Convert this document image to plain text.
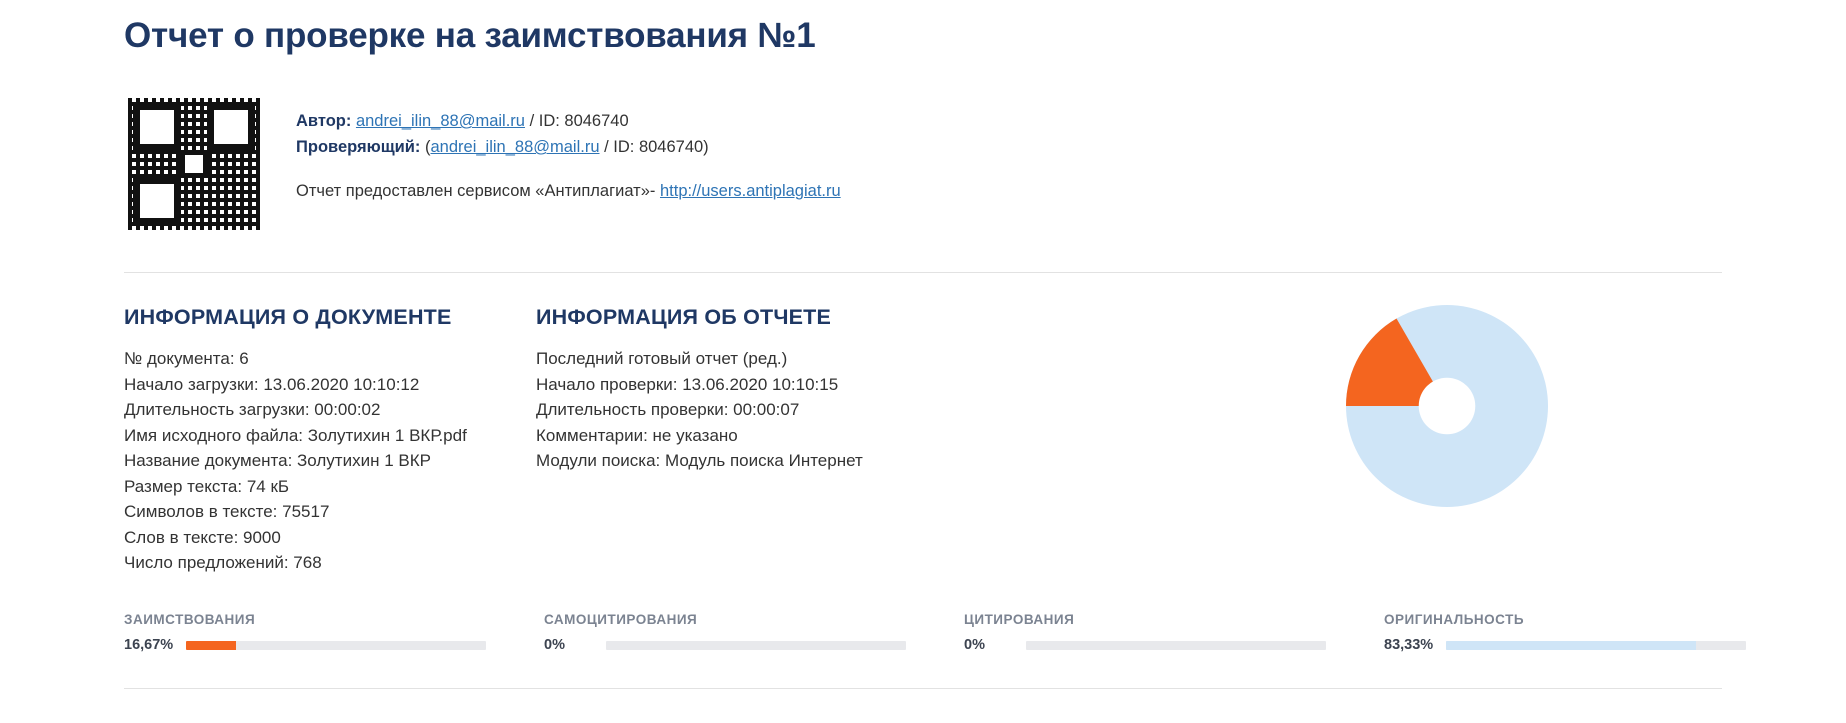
Отчет о проверке на заимствования №1
Автор: andrei_ilin_88@mail.ru / ID: 8046740
Проверяющий: (andrei_ilin_88@mail.ru / ID: 8046740)
Отчет предоставлен сервисом «Антиплагиат»- http://users.antiplagiat.ru
ИНФОРМАЦИЯ О ДОКУМЕНТЕ
№ документа: 6
Начало загрузки: 13.06.2020 10:10:12
Длительность загрузки: 00:00:02
Имя исходного файла: Золутихин 1 ВКР.pdf
Название документа: Золутихин 1 ВКР
Размер текста: 74 кБ
Символов в тексте: 75517
Слов в тексте: 9000
Число предложений: 768
ИНФОРМАЦИЯ ОБ ОТЧЕТЕ
Последний готовый отчет (ред.)
Начало проверки: 13.06.2020 10:10:15
Длительность проверки: 00:00:07
Комментарии: не указано
Модули поиска: Модуль поиска Интернет
ЗАИМСТВОВАНИЯ
16,67%
САМОЦИТИРОВАНИЯ
0%
ЦИТИРОВАНИЯ
0%
ОРИГИНАЛЬНОСТЬ
83,33%
